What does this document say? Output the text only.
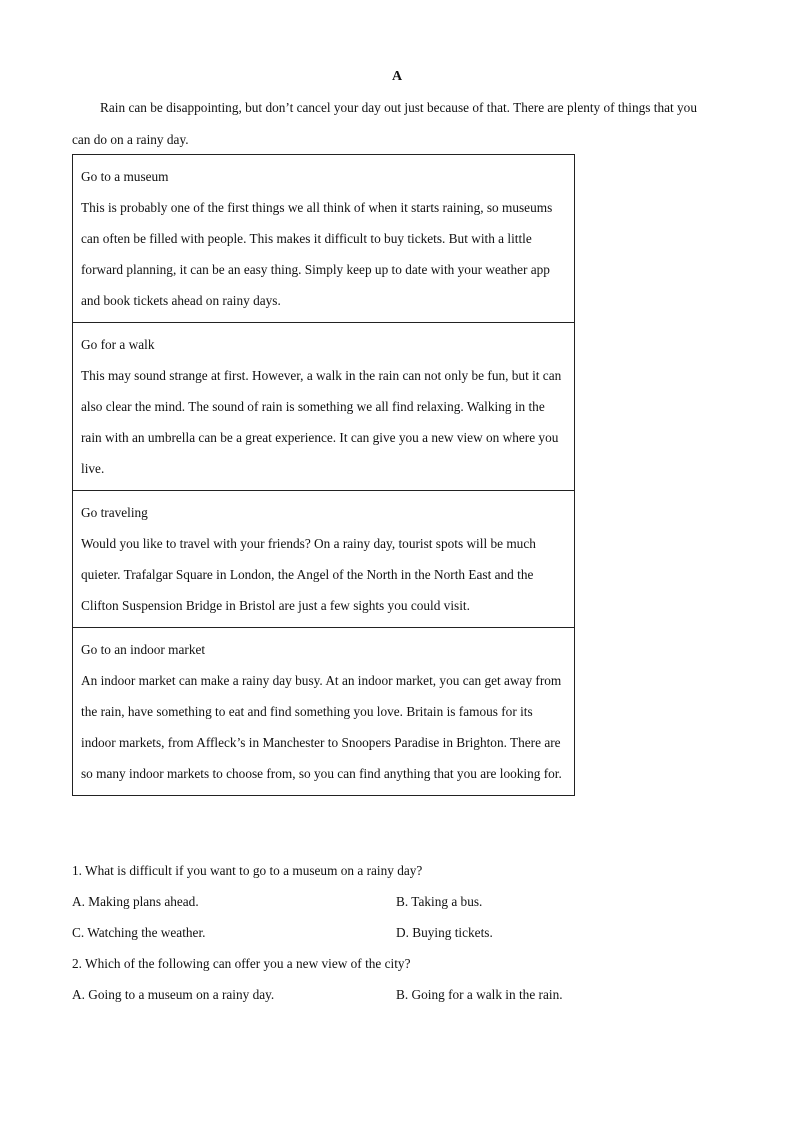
A
Rain can be disappointing, but don’t cancel your day out just because of that. There are plenty of things that you can do on a rainy day.
Go to a museum
This is probably one of the first things we all think of when it starts raining, so museums can often be filled with people. This makes it difficult to buy tickets. But with a little forward planning, it can be an easy thing. Simply keep up to date with your weather app and book tickets ahead on rainy days.
Go for a walk
This may sound strange at first. However, a walk in the rain can not only be fun, but it can also clear the mind. The sound of rain is something we all find relaxing. Walking in the rain with an umbrella can be a great experience. It can give you a new view on where you live.
Go traveling
Would you like to travel with your friends? On a rainy day, tourist spots will be much quieter. Trafalgar Square in London, the Angel of the North in the North East and the Clifton Suspension Bridge in Bristol are just a few sights you could visit.
Go to an indoor market
An indoor market can make a rainy day busy. At an indoor market, you can get away from the rain, have something to eat and find something you love. Britain is famous for its indoor markets, from Affleck’s in Manchester to Snoopers Paradise in Brighton. There are so many indoor markets to choose from, so you can find anything that you are looking for.
1. What is difficult if you want to go to a museum on a rainy day?
A. Making plans ahead.	B. Taking a bus.
C. Watching the weather.	D. Buying tickets.
2. Which of the following can offer you a new view of the city?
A. Going to a museum on a rainy day.	B. Going for a walk in the rain.
